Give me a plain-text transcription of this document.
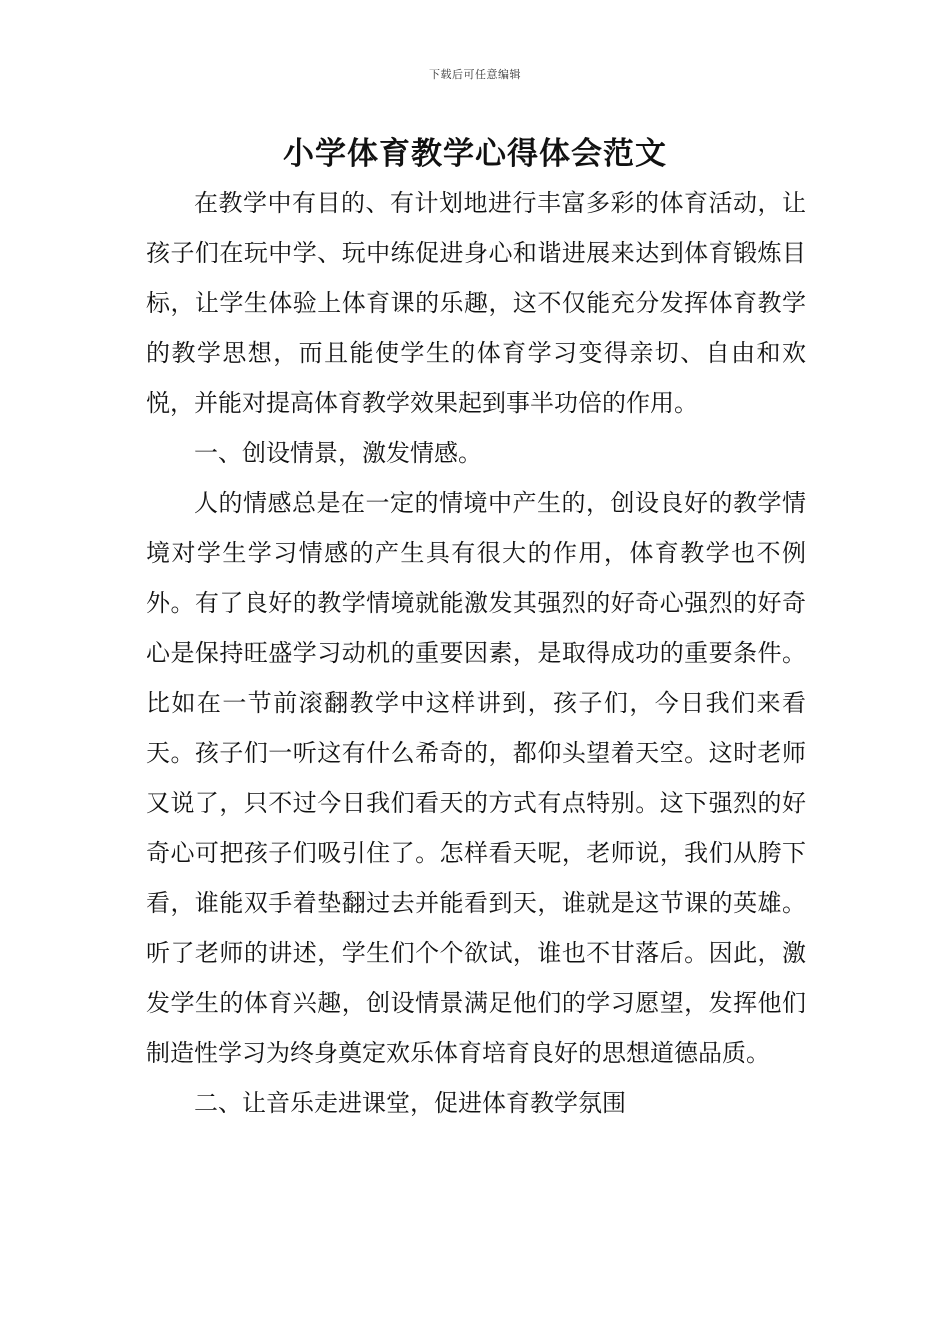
下载后可任意编辑
小学体育教学心得体会范文

在教学中有目的、有计划地进行丰富多彩的体育活动，让孩子们在玩中学、玩中练促进身心和谐进展来达到体育锻炼目标，让学生体验上体育课的乐趣，这不仅能充分发挥体育教学的教学思想，而且能使学生的体育学习变得亲切、自由和欢悦，并能对提高体育教学效果起到事半功倍的作用。

一、创设情景，激发情感。

人的情感总是在一定的情境中产生的，创设良好的教学情境对学生学习情感的产生具有很大的作用，体育教学也不例外。有了良好的教学情境就能激发其强烈的好奇心强烈的好奇心是保持旺盛学习动机的重要因素，是取得成功的重要条件。比如在一节前滚翻教学中这样讲到，孩子们，今日我们来看天。孩子们一听这有什么希奇的，都仰头望着天空。这时老师又说了，只不过今日我们看天的方式有点特别。这下强烈的好奇心可把孩子们吸引住了。怎样看天呢，老师说，我们从胯下看，谁能双手着垫翻过去并能看到天，谁就是这节课的英雄。听了老师的讲述，学生们个个欲试，谁也不甘落后。因此，激发学生的体育兴趣，创设情景满足他们的学习愿望，发挥他们制造性学习为终身奠定欢乐体育培育良好的思想道德品质。

二、让音乐走进课堂，促进体育教学氛围
